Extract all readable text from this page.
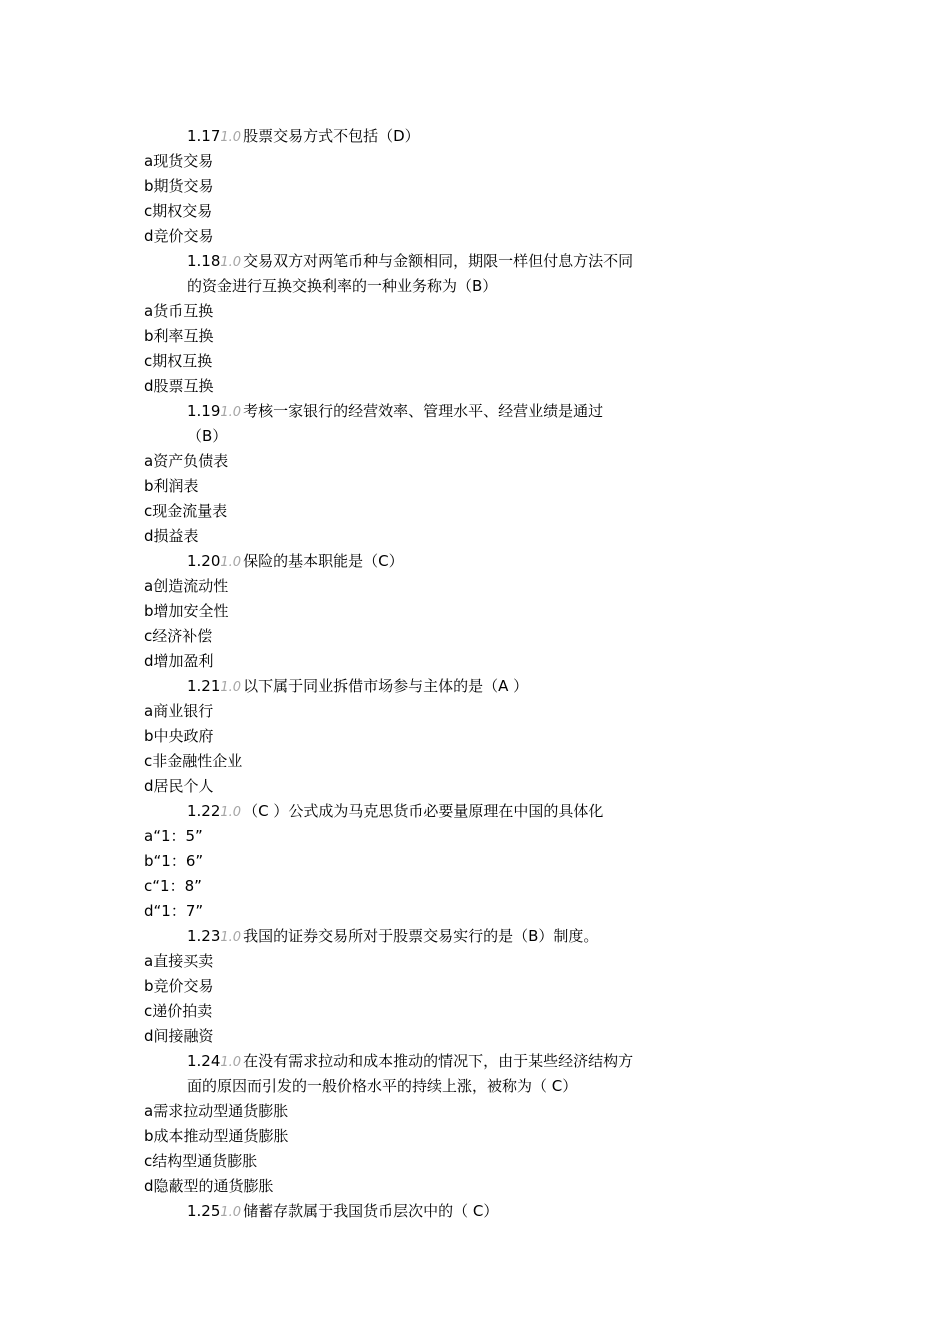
1.171.0 股票交易方式不包括（D）
a现货交易
b期货交易
c期权交易
d竞价交易
1.181.0 交易双方对两笔币种与金额相同，期限一样但付息方法不同
的资金进行互换交换利率的一种业务称为（B）
a货币互换
b利率互换
c期权互换
d股票互换
1.191.0 考核一家银行的经营效率、管理水平、经营业绩是通过
（B）
a资产负债表
b利润表
c现金流量表
d损益表
1.201.0 保险的基本职能是（C）
a创造流动性
b增加安全性
c经济补偿
d增加盈利
1.211.0 以下属于同业拆借市场参与主体的是（A ）
a商业银行
b中央政府
c非金融性企业
d居民个人
1.221.0 （C ）公式成为马克思货币必要量原理在中国的具体化
a“1：5”
b“1：6”
c“1：8”
d“1：7”
1.231.0 我国的证券交易所对于股票交易实行的是（B）制度。
a直接买卖
b竞价交易
c递价拍卖
d间接融资
1.241.0 在没有需求拉动和成本推动的情况下，由于某些经济结构方
面的原因而引发的一般价格水平的持续上涨，被称为（ C）
a需求拉动型通货膨胀
b成本推动型通货膨胀
c结构型通货膨胀
d隐蔽型的通货膨胀
1.251.0 储蓄存款属于我国货币层次中的（ C）
